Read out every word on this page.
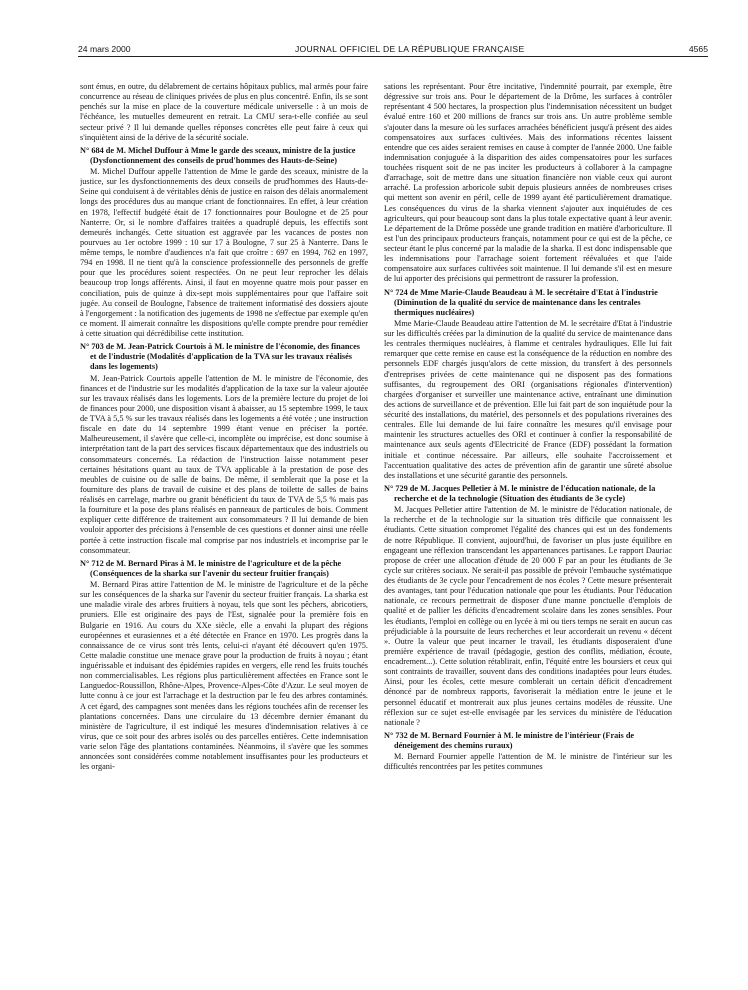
24 mars 2000	JOURNAL OFFICIEL DE LA RÉPUBLIQUE FRANÇAISE	4565

sont émus, en outre, du délabrement de certains hôpitaux publics, mal armés pour faire concurrence au réseau de cliniques privées de plus en plus concentré. Enfin, ils se sont penchés sur la mise en place de la couverture médicale universelle : à un mois de l'échéance, les mutuelles demeurent en retrait. La CMU sera-t-elle confiée au seul secteur privé ? Il lui demande quelles réponses concrètes elle peut faire à ceux qui s'inquiètent ainsi de la dérive de la sécurité sociale.

N° 684 de M. Michel Duffour à Mme le garde des sceaux, ministre de la justice (Dysfonctionnement des conseils de prud'hommes des Hauts-de-Seine)

M. Michel Duffour appelle l'attention de Mme le garde des sceaux, ministre de la justice, sur les dysfonctionnements des deux conseils de prud'hommes des Hauts-de-Seine qui conduisent à de véritables dénis de justice en raison des délais anormalement longs des procédures dus au manque criant de fonctionnaires. En effet, à leur création en 1978, l'effectif budgété était de 17 fonctionnaires pour Boulogne et de 25 pour Nanterre. Or, si le nombre d'affaires traitées a quadruplé depuis, les effectifs sont demeurés inchangés. Cette situation est aggravée par les vacances de postes non pourvues au 1er octobre 1999 : 10 sur 17 à Boulogne, 7 sur 25 à Nanterre. Dans le même temps, le nombre d'audiences n'a fait que croître : 697 en 1994, 762 en 1997, 794 en 1998. Il ne tient qu'à la conscience professionnelle des personnels de greffe pour que les procédures soient respectées. On ne peut leur reprocher les délais beaucoup trop longs afférents. Ainsi, il faut en moyenne quatre mois pour passer en conciliation, puis de quinze à dix-sept mois supplémentaires pour que l'affaire soit jugée. Au conseil de Boulogne, l'absence de traitement informatisé des dossiers ajoute à l'engorgement : la notification des jugements de 1998 ne s'effectue par exemple qu'en ce moment. Il aimerait connaître les dispositions qu'elle compte prendre pour remédier à cette situation qui décrédibilise cette institution.

N° 703 de M. Jean-Patrick Courtois à M. le ministre de l'économie, des finances et de l'industrie (Modalités d'application de la TVA sur les travaux réalisés dans les logements)

M. Jean-Patrick Courtois appelle l'attention de M. le ministre de l'économie, des finances et de l'industrie sur les modalités d'application de la taxe sur la valeur ajoutée sur les travaux réalisés dans les logements. Lors de la première lecture du projet de loi de finances pour 2000, une disposition visant à abaisser, au 15 septembre 1999, le taux de TVA à 5,5 % sur les travaux réalisés dans les logements a été votée ; une instruction fiscale en date du 14 septembre 1999 étant venue en préciser la portée. Malheureusement, il s'avère que celle-ci, incomplète ou imprécise, est donc soumise à interprétation tant de la part des services fiscaux départementaux que des industriels ou consommateurs concernés. La rédaction de l'instruction laisse notamment peser certaines hésitations quant au taux de TVA applicable à la prestation de pose des meubles de cuisine ou de salle de bains. De même, il semblerait que la pose et la fourniture des plans de travail de cuisine et des plans de toilette de salles de bains réalisés en carrelage, marbre ou granit bénéficient du taux de TVA de 5,5 % mais pas la fourniture et la pose des plans réalisés en panneaux de particules de bois. Comment expliquer cette différence de traitement aux consommateurs ? Il lui demande de bien vouloir apporter des précisions à l'ensemble de ces questions et donner ainsi une réelle portée à cette instruction fiscale mal comprise par nos industriels et incomprise par le consommateur.

N° 712 de M. Bernard Piras à M. le ministre de l'agriculture et de la pêche (Conséquences de la sharka sur l'avenir du secteur fruitier français)

M. Bernard Piras attire l'attention de M. le ministre de l'agriculture et de la pêche sur les conséquences de la sharka sur l'avenir du secteur fruitier français. La sharka est une maladie virale des arbres fruitiers à noyau, tels que sont les pêchers, abricotiers, pruniers. Elle est originaire des pays de l'Est, signalée pour la première fois en Bulgarie en 1916. Au cours du XXe siècle, elle a envahi la plupart des régions européennes et eurasiennes et a été détectée en France en 1970. Les progrès dans la connaissance de ce virus sont très lents, celui-ci n'ayant été découvert qu'en 1975. Cette maladie constitue une menace grave pour la production de fruits à noyau ; étant inguérissable et induisant des épidémies rapides en vergers, elle rend les fruits touchés non commercialisables. Les régions plus particulièrement affectées en France sont le Languedoc-Roussillon, Rhône-Alpes, Provence-Alpes-Côte d'Azur. Le seul moyen de lutte connu à ce jour est l'arrachage et la destruction par le feu des arbres contaminés. A cet égard, des campagnes sont menées dans les régions touchées afin de recenser les plantations concernées. Dans une circulaire du 13 décembre dernier émanant du ministère de l'agriculture, il est indiqué les mesures d'indemnisation relatives à ce virus, que ce soit pour des arbres isolés ou des parcelles entières. Cette indemnisation varie selon l'âge des plantations contaminées. Néanmoins, il s'avère que les sommes annoncées sont considérées comme notablement insuffisantes pour les producteurs et les organi-

sations les représentant. Pour être incitative, l'indemnité pourrait, par exemple, être dégressive sur trois ans. Pour le département de la Drôme, les surfaces à contrôler représentant 4 500 hectares, la prospection plus l'indemnisation nécessitent un budget évalué entre 160 et 200 millions de francs sur trois ans. Un autre problème semble s'ajouter dans la mesure où les surfaces arrachées bénéficient jusqu'à présent des aides compensatoires aux surfaces cultivées. Mais des informations récentes laissent entendre que ces aides seraient remises en cause à compter de l'année 2000. Une faible indemnisation conjuguée à la disparition des aides compensatoires pour les surfaces touchées risquent soit de ne pas inciter les producteurs à collaborer à la campagne d'arrachage, soit de mettre dans une situation financière non viable ceux qui auront arraché. La profession arboricole subit depuis plusieurs années de nombreuses crises qui mettent son avenir en péril, celle de 1999 ayant été particulièrement dramatique. Les conséquences du virus de la sharka viennent s'ajouter aux inquiétudes de ces agriculteurs, qui pour beaucoup sont dans la plus totale expectative quant à leur avenir. Le département de la Drôme possède une grande tradition en matière d'arboriculture. Il est l'un des principaux producteurs français, notamment pour ce qui est de la pêche, ce secteur étant le plus concerné par la maladie de la sharka. Il est donc indispensable que les indemnisations pour l'arrachage soient fortement réévaluées et que l'aide compensatoire aux surfaces cultivées soit maintenue. Il lui demande s'il est en mesure de lui apporter des précisions qui permettront de rassurer la profession.

N° 724 de Mme Marie-Claude Beaudeau à M. le secrétaire d'Etat à l'industrie (Diminution de la qualité du service de maintenance dans les centrales thermiques nucléaires)

Mme Marie-Claude Beaudeau attire l'attention de M. le secrétaire d'Etat à l'industrie sur les difficultés créées par la diminution de la qualité du service de maintenance dans les centrales thermiques nucléaires, à flamme et centrales hydrauliques. Elle lui fait remarquer que cette remise en cause est la conséquence de la réduction en nombre des personnels EDF chargés jusqu'alors de cette mission, du transfert à des personnels d'entreprises privées de cette maintenance qui ne disposent pas des formations suffisantes, du regroupement des ORI (organisations régionales d'intervention) chargées d'organiser et surveiller une maintenance active, entraînant une diminution des actions de surveillance et de prévention. Elle lui fait part de son inquiétude pour la sécurité des installations, du matériel, des personnels et des populations riveraines des centrales. Elle lui demande de lui faire connaître les mesures qu'il envisage pour maintenir les structures actuelles des ORI et continuer à confier la responsabilité de maintenance aux seuls agents d'Electricité de France (EDF) possédant la formation initiale et continue nécessaire. Par ailleurs, elle souhaite l'accroissement et l'accentuation qualitative des actes de prévention afin de garantir une sûreté absolue des installations et une sécurité garantie des personnels.

N° 729 de M. Jacques Pelletier à M. le ministre de l'éducation nationale, de la recherche et de la technologie (Situation des étudiants de 3e cycle)

M. Jacques Pelletier attire l'attention de M. le ministre de l'éducation nationale, de la recherche et de la technologie sur la situation très difficile que connaissent les étudiants. Cette situation compromet l'égalité des chances qui est un des fondements de notre République. Il convient, aujourd'hui, de favoriser un plus juste équilibre en engageant une réflexion transcendant les appartenances partisanes. Le rapport Dauriac propose de créer une allocation d'étude de 20 000 F par an pour les étudiants de 3e cycle sur critères sociaux. Ne serait-il pas possible de prévoir l'embauche systématique des étudiants de 3e cycle pour l'encadrement de nos écoles ? Cette mesure présenterait des avantages, tant pour l'éducation nationale que pour les étudiants. Pour l'éducation nationale, ce recours permettrait de disposer d'une manne ponctuelle d'emplois de qualité et de pallier les déficits d'encadrement scolaire dans les zones sensibles. Pour les étudiants, l'emploi en collège ou en lycée à mi ou tiers temps ne serait en aucun cas préjudiciable à la poursuite de leurs recherches et leur accorderait un revenu « décent ». Outre la valeur que peut incarner le travail, les étudiants disposeraient d'une première expérience de travail (pédagogie, gestion des conflits, médiation, écoute, encadrement...). Cette solution rétablirait, enfin, l'équité entre les boursiers et ceux qui sont contraints de travailler, souvent dans des conditions inadaptées pour leurs études. Ainsi, pour les écoles, cette mesure comblerait un certain déficit d'encadrement dénoncé par de nombreux rapports, favoriserait la médiation entre le jeune et le personnel éducatif et montrerait aux plus jeunes certains modèles de réussite. Une réflexion sur ce sujet est-elle envisagée par les services du ministère de l'éducation nationale ?

N° 732 de M. Bernard Fournier à M. le ministre de l'intérieur (Frais de déneigement des chemins ruraux)

M. Bernard Fournier appelle l'attention de M. le ministre de l'intérieur sur les difficultés rencontrées par les petites communes
